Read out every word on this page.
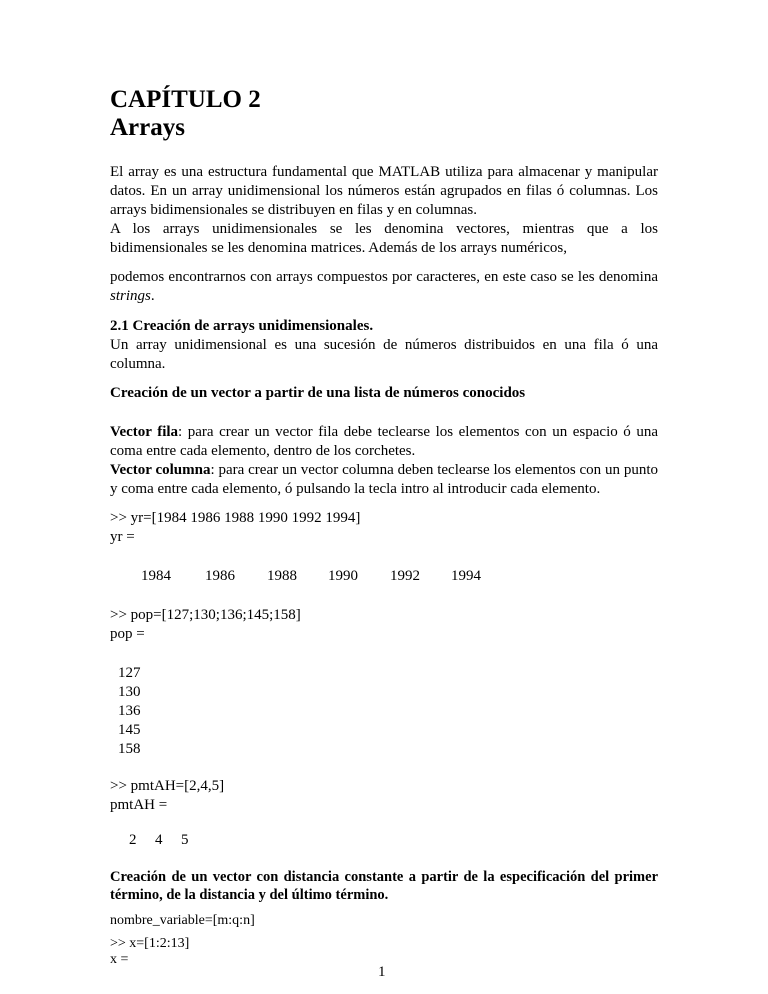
CAPÍTULO 2
Arrays
El array es una estructura fundamental que MATLAB utiliza para almacenar y manipular datos. En un array unidimensional los números están agrupados en filas ó columnas. Los arrays bidimensionales se distribuyen en filas y en columnas.
A los arrays unidimensionales se les denomina vectores, mientras que a los bidimensionales se les denomina matrices. Además de los arrays numéricos,
podemos encontrarnos con arrays compuestos por caracteres, en este caso se les denomina strings.
2.1 Creación de arrays unidimensionales.
Un array unidimensional es una sucesión de números distribuidos en una fila ó una columna.
Creación de un vector a partir de una lista de números conocidos
Vector fila: para crear un vector fila debe teclearse los elementos con un espacio ó una coma entre cada elemento, dentro de los corchetes.
Vector columna: para crear un vector columna deben teclearse los elementos con un punto y coma entre cada elemento, ó pulsando la tecla intro al introducir cada elemento.
>> yr=[1984 1986 1988 1990 1992 1994]
yr =
1984 1986 1988 1990 1992 1994
>> pop=[127;130;136;145;158]
pop =
127
130
136
145
158
>> pmtAH=[2,4,5]
pmtAH =
2 4 5
Creación de un vector con distancia constante a partir de la especificación del primer término, de la distancia y del último término.
nombre_variable=[m:q:n]
>> x=[1:2:13]
x =
1
